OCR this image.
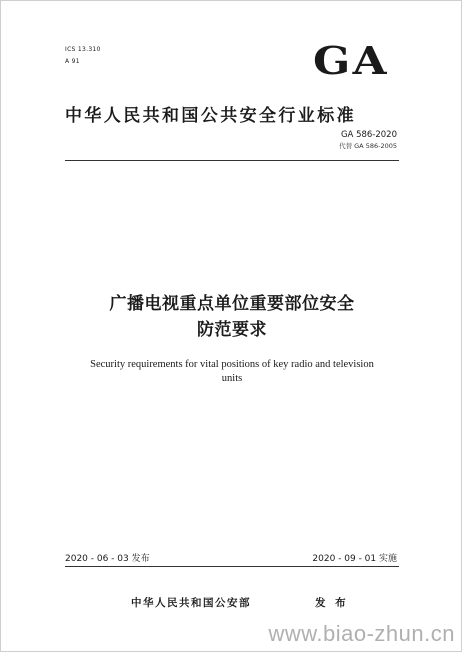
ICS 13.310
A 91	GA
中华人民共和国公共安全行业标准
GA 586-2020
代替 GA 586-2005
广播电视重点单位重要部位安全
防范要求
Security requirements for vital positions of key radio and television
units
2020 - 06 - 03 发布	2020 - 09 - 01 实施
中华人民共和国公安部	发 布
www.biao-zhun.cn
